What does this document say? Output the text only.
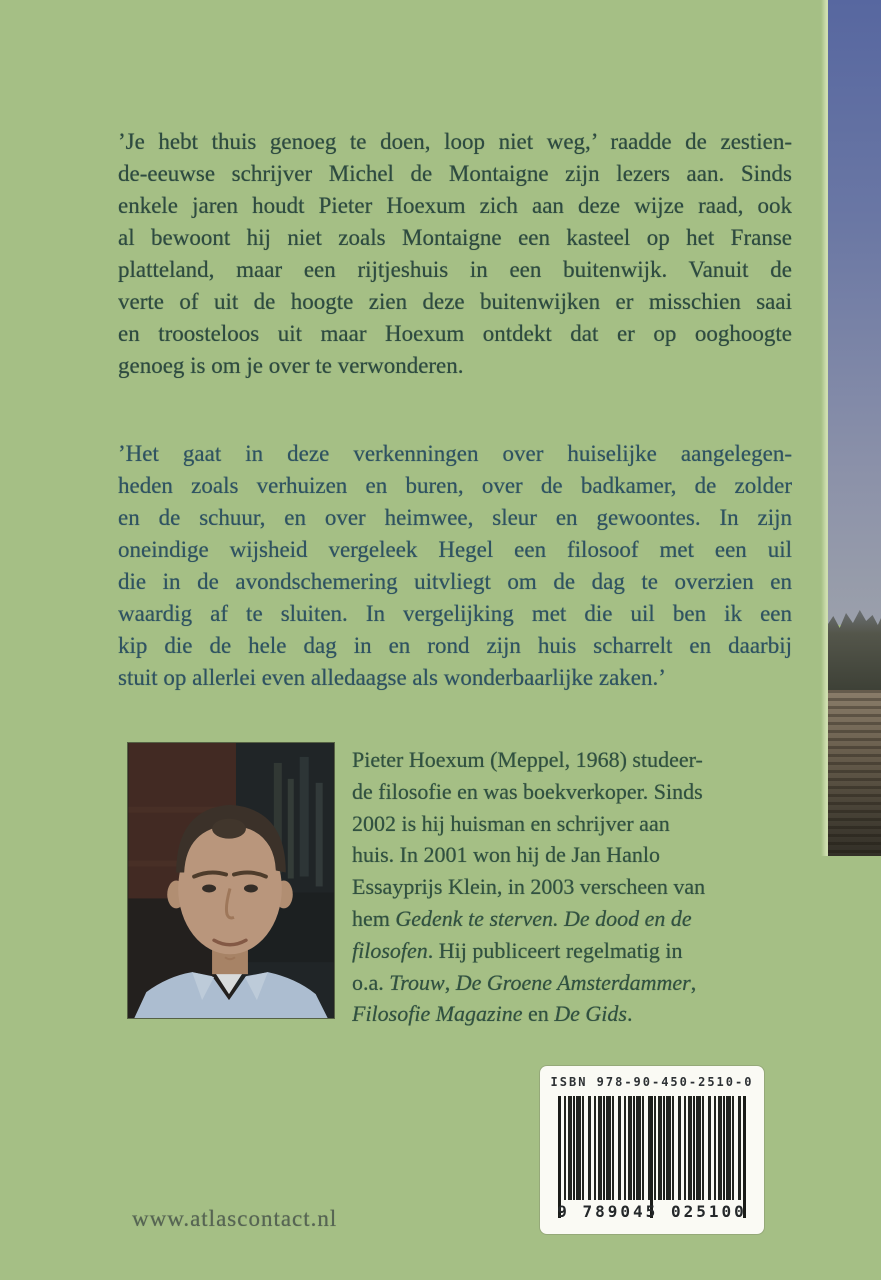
’Je hebt thuis genoeg te doen, loop niet weg,’ raadde de zestien-
de-eeuwse schrijver Michel de Montaigne zijn lezers aan. Sinds
enkele jaren houdt Pieter Hoexum zich aan deze wijze raad, ook
al bewoont hij niet zoals Montaigne een kasteel op het Franse
platteland, maar een rijtjeshuis in een buitenwijk. Vanuit de
verte of uit de hoogte zien deze buitenwijken er misschien saai
en troosteloos uit maar Hoexum ontdekt dat er op ooghoogte
genoeg is om je over te verwonderen.
’Het gaat in deze verkenningen over huiselijke aangelegen-
heden zoals verhuizen en buren, over de badkamer, de zolder
en de schuur, en over heimwee, sleur en gewoontes. In zijn
oneindige wijsheid vergeleek Hegel een filosoof met een uil
die in de avondschemering uitvliegt om de dag te overzien en
waardig af te sluiten. In vergelijking met die uil ben ik een
kip die de hele dag in en rond zijn huis scharrelt en daarbij
stuit op allerlei even alledaagse als wonderbaarlijke zaken.’
Pieter Hoexum (Meppel, 1968) studeer-
de filosofie en was boekverkoper. Sinds
2002 is hij huisman en schrijver aan
huis. In 2001 won hij de Jan Hanlo
Essayprijs Klein, in 2003 verscheen van
hem Gedenk te sterven. De dood en de
filosofen. Hij publiceert regelmatig in
o.a. Trouw, De Groene Amsterdammer,
Filosofie Magazine en De Gids.
ISBN 978-90-450-2510-0
9 789045 025100
www.atlascontact.nl
